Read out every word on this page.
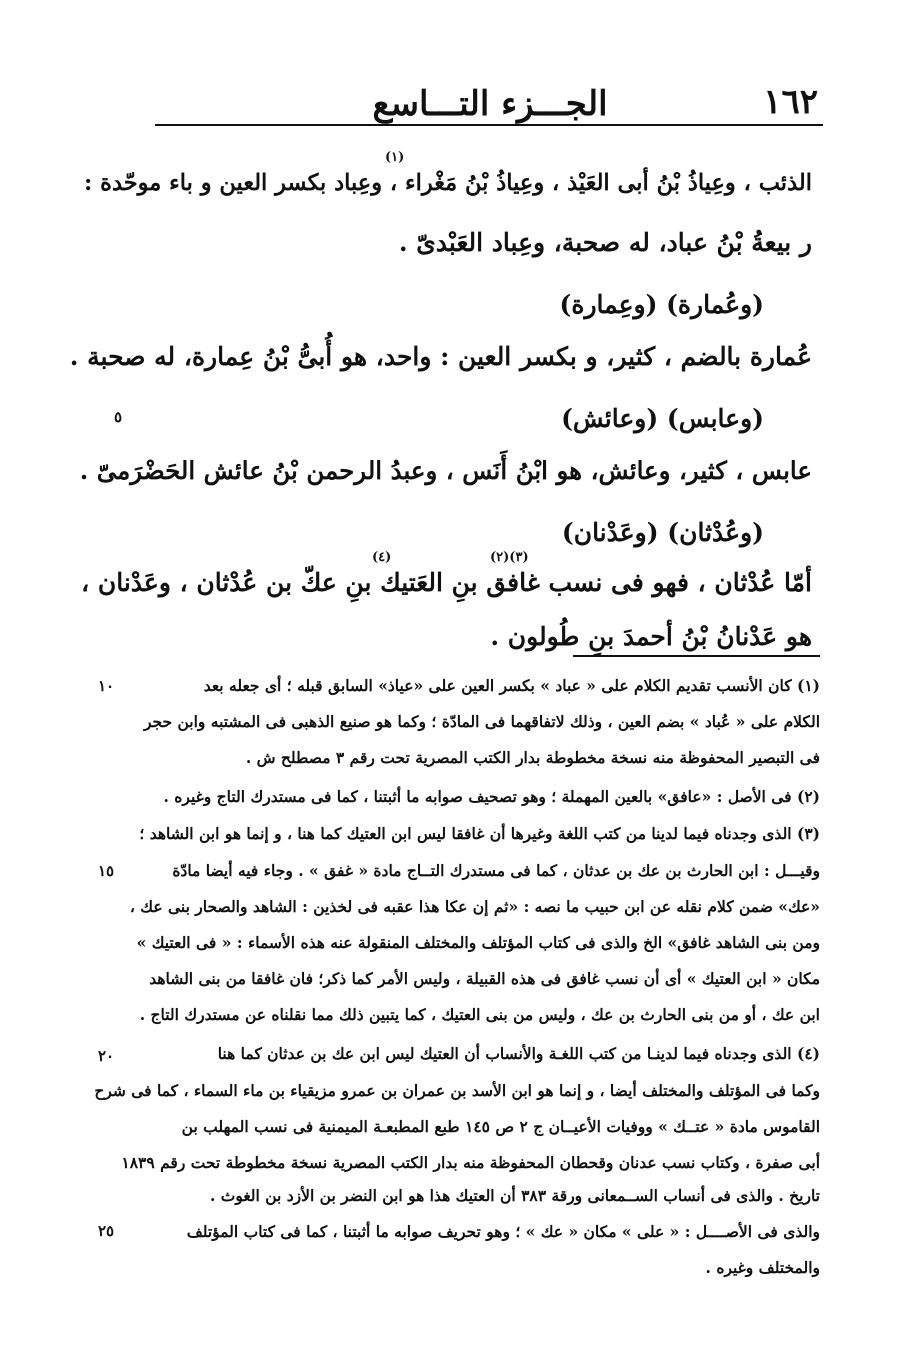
١٦٢
الجـــزء التـــاسع
(١)
الذئب ، وعِياذُ بْنُ أبى العَيْذ ، وعِياذُ بْنُ مَغْراء ، وعِباد بكسر العين و باء موحّدة :
ر بيعةُ بْنُ عباد، له صحبة، وعِباد العَبْدىّ .
(وعُمارة) (وعِمارة)
عُمارة بالضم ، كثير، و بكسر العين : واحد، هو أُبىُّ بْنُ عِمارة، له صحبة .
(وعابس) (وعائش)
عابس ، كثير، وعائش، هو ابْنُ أَنَس ، وعبدُ الرحمن بْنُ عائش الحَضْرَمىّ .
(وعُدْثان) (وعَدْنان)
(٢)(٣)
(٤)
أمّا عُدْثان ، فهو فى نسب غافق بنِ العَتيك بنِ عكّ بن عُدْثان ، وعَدْنان ،
هو عَدْنانُ بْنُ أحمدَ بنِ طُولون .
٥
١٠
١٥
٢٠
٢٥
(١) كان الأنسب تقديم الكلام على « عباد » بكسر العين على «عياذ» السابق قبله ؛ أى جعله بعد
الكلام على « عُباد » بضم العين ، وذلك لاتفاقهما فى المادّة ؛ وكما هو صنيع الذهبى فى المشتبه وابن حجر
فى التبصير المحفوظة منه نسخة مخطوطة بدار الكتب المصرية تحت رقم ٣ مصطلح ش .
(٢) فى الأصل : «عافق» بالعين المهملة ؛ وهو تصحيف صوابه ما أثبتنا ، كما فى مستدرك التاج وغيره .
(٣) الذى وجدناه فيما لدينا من كتب اللغة وغيرها أن غافقا ليس ابن العتيك كما هنا ، و إنما هو ابن الشاهد ؛
وقيـــل : ابن الحارث بن عك بن عدثان ، كما فى مستدرك التــاج مادة « غفق » . وجاء فيه أيضا مادّة
«عك» ضمن كلام نقله عن ابن حبيب ما نصه : «ثم إن عكا هذا عقبه فى لخذين : الشاهد والصحار بنى عك ،
ومن بنى الشاهد غافق» الخ والذى فى كتاب المؤتلف والمختلف المنقولة عنه هذه الأسماء : « فى العتيك »
مكان « ابن العتيك » أى أن نسب غافق فى هذه القبيلة ، وليس الأمر كما ذكر؛ فان غافقا من بنى الشاهد
ابن عك ، أو من بنى الحارث بن عك ، وليس من بنى العتيك ، كما يتبين ذلك مما نقلناه عن مستدرك التاج .
(٤) الذى وجدناه فيما لدينـا من كتب اللغـة والأنساب أن العتيك ليس ابن عك بن عدثان كما هنا
وكما فى المؤتلف والمختلف أيضا ، و إنما هو ابن الأسد بن عمران بن عمرو مزيقياء بن ماء السماء ، كما فى شرح
القاموس مادة « عتــك » ووفيات الأعيــان ج ٢ ص ١٤٥ طبع المطبعـة الميمنية فى نسب المهلب بن
أبى صفرة ، وكتاب نسب عدنان وقحطان المحفوظة منه بدار الكتب المصرية نسخة مخطوطة تحت رقم ١٨٣٩
تاريخ . والذى فى أنساب الســمعانى ورقة ٣٨٣ أن العتيك هذا هو ابن النضر بن الأزد بن الغوث .
والذى فى الأصــــل : « على » مكان « عك » ؛ وهو تحريف صوابه ما أثبتنا ، كما فى كتاب المؤتلف
والمختلف وغيره .
